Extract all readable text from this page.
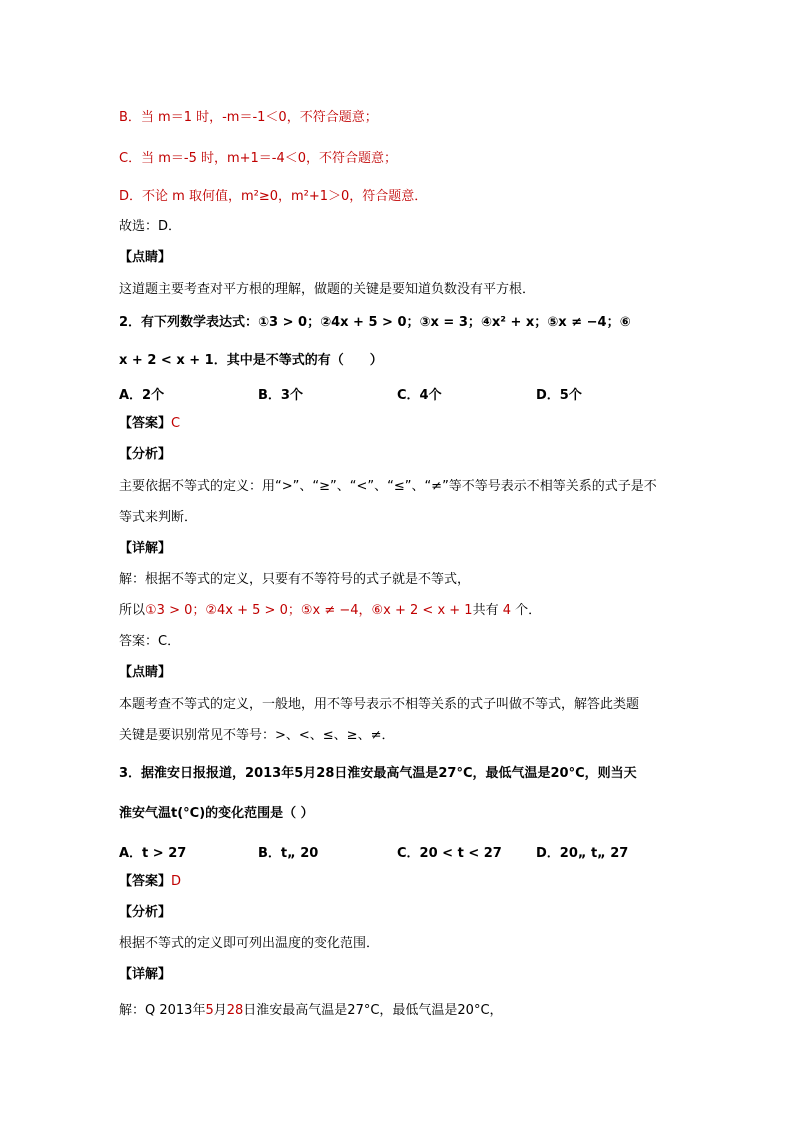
B．当 m＝1 时，-m＝-1＜0，不符合题意；
C．当 m＝-5 时，m+1＝-4＜0，不符合题意；
D．不论 m 取何值，m²≥0，m²+1＞0，符合题意．
故选：D．
【点睛】
这道题主要考查对平方根的理解，做题的关键是要知道负数没有平方根．
2．有下列数学表达式：①3 > 0；②4x + 5 > 0；③x = 3；④x² + x；⑤x ≠ −4；⑥
x + 2 < x + 1．其中是不等式的有（　　）
A．2个	B．3个	C．4个	D．5个
【答案】C
【分析】
主要依据不等式的定义：用“>”、“≥”、“<”、“≤”、“≠”等不等号表示不相等关系的式子是不
等式来判断．
【详解】
解：根据不等式的定义，只要有不等符号的式子就是不等式，
所以①3 > 0；②4x + 5 > 0；⑤x ≠ −4，⑥x + 2 < x + 1共有 4 个．
答案：C．
【点睛】
本题考查不等式的定义，一般地，用不等号表示不相等关系的式子叫做不等式，解答此类题
关键是要识别常见不等号：>、<、≤、≥、≠．
3．据淮安日报报道，2013年5月28日淮安最高气温是27°C，最低气温是20°C，则当天
淮安气温t(°C)的变化范围是（ ）
A．t > 27	B．t„ 20	C．20 < t < 27	D．20„ t„ 27
【答案】D
【分析】
根据不等式的定义即可列出温度的变化范围．
【详解】
解：Q 2013年5月28日淮安最高气温是27°C，最低气温是20°C，
